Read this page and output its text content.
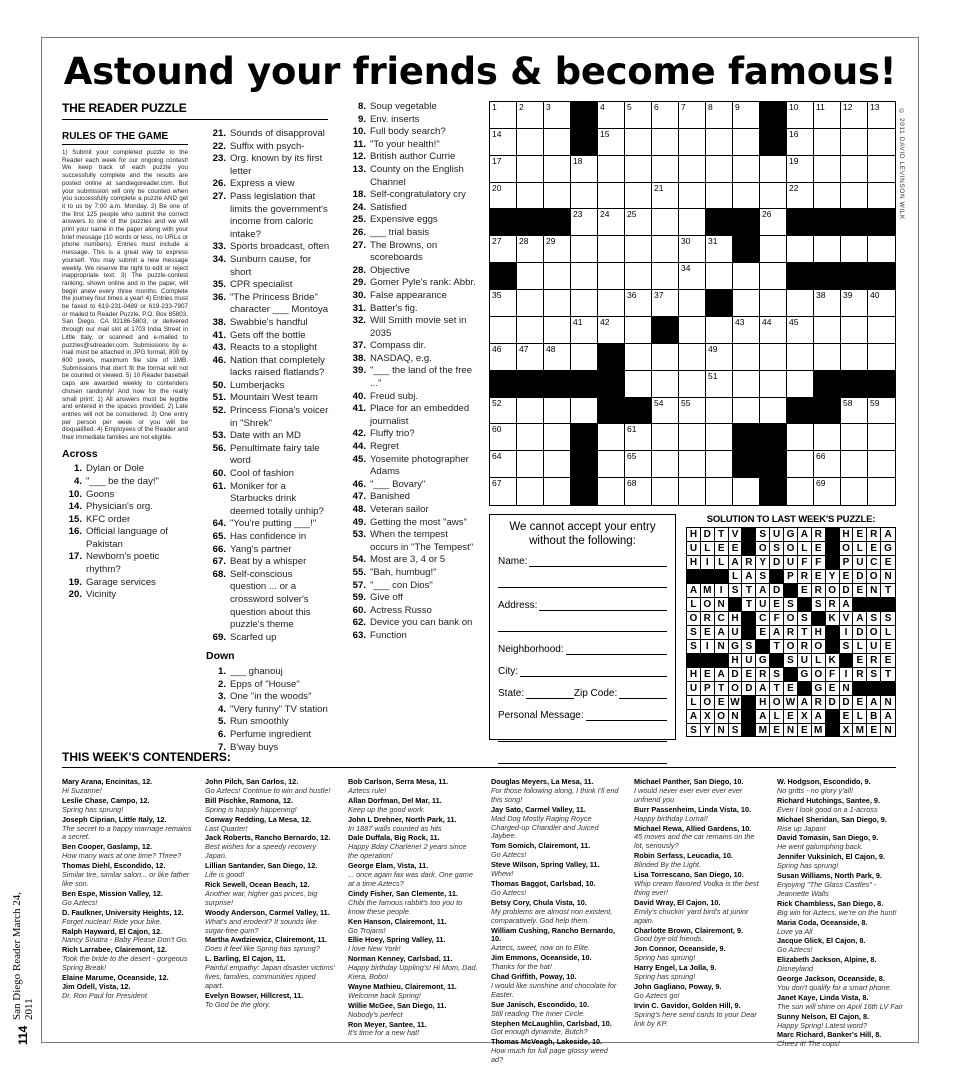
Astound your friends & become famous!
© 2011 DAVID LEVINSON WILK
114
San Diego Reader March 24, 2011
THE READER PUZZLE
RULES OF THE GAME

1) Submit your completed puzzle to the Reader each week for our ongoing contest! We keep track of each puzzle you successfully complete and the results are posted online at sandiegoreader.com. But your submission will only be counted when you successfully complete a puzzle AND get it to us by 7:00 a.m. Monday. 2) Be one of the first 125 people who submit the correct answers to one of the puzzles and we will print your name in the paper along with your brief message (10 words or less, no URLs or phone numbers). Entries must include a message. This is a great way to express yourself. You may submit a new message weekly. We reserve the right to edit or reject inappropriate text. 3) The puzzle-contest ranking, shown online and in the paper, will begin anew every three months. Complete the journey four times a year! 4) Entries must be faxed to 619-231-0489 or 619-233-7907 or mailed to Reader Puzzle, P.O. Box 85803, San Diego, CA 92186-5803, or delivered through our mail slot at 1703 India Street in Little Italy, or scanned and e-mailed to puzzles@sdreader.com. Submissions by e-mail must be attached in JPG format, 800 by 800 pixels, maximum file size of 1MB. Submissions that don't fit the format will not be counted or viewed. 5) 10 Reader baseball caps are awarded weekly to contenders chosen randomly! And now for the really small print: 1) All answers must be legible and entered in the spaces provided. 2) Late entries will not be considered. 3) One entry per person per week or you will be disqualified. 4) Employees of the Reader and their immediate families are not eligible.

Across
1. Dylan or Dole
4. "___ be the day!"
10. Goons
14. Physician's org.
15. KFC order
16. Official language of Pakistan
17. Newborn's poetic rhythm?
19. Garage services
20. Vicinity
21. Sounds of disapproval
22. Suffix with psych-
23. Org. known by its first letter
26. Express a view
27. Pass legislation that limits the government's income from caloric intake?
33. Sports broadcast, often
34. Sunburn cause, for short
35. CPR specialist
36. "The Princess Bride" character ___ Montoya
38. Swabbie's handful
41. Gets off the bottle
43. Reacts to a stoplight
46. Nation that completely lacks raised flatlands?
50. Lumberjacks
51. Mountain West team
52. Princess Fiona's voicer in "Shrek"
53. Date with an MD
56. Penultimate fairy tale word
60. Cool of fashion
61. Moniker for a Starbucks drink deemed totally unhip?
64. "You're putting ___!"
65. Has confidence in
66. Yang's partner
67. Beat by a whisper
68. Self-conscious question ... or a crossword solver's question about this puzzle's theme
69. Scarfed up
Down
1. ___ ghanouj
2. Epps of "House"
3. One "in the woods"
4. "Very funny" TV station
5. Run smoothly
6. Perfume ingredient
7. B'way buys
8. Soup vegetable
9. Env. inserts
10. Full body search?
11. "To your health!"
12. British author Currie
13. County on the English Channel
18. Self-congratulatory cry
24. Satisfied
25. Expensive eggs
26. ___ trial basis
27. The Browns, on scoreboards
28. Objective
29. Gomer Pyle's rank: Abbr.
30. False appearance
31. Batter's fig.
32. Will Smith movie set in 2035
37. Compass dir.
38. NASDAQ, e.g.
39. "___ the land of the free ..."
40. Freud subj.
41. Place for an embedded journalist
42. Fluffy trio?
44. Regret
45. Yosemite photographer Adams
46. "___ Bovary"
47. Banished
48. Veteran sailor
49. Getting the most "aws"
53. When the tempest occurs in "The Tempest"
54. Most are 3, 4 or 5
55. "Bah, humbug!"
57. "___ con Dios"
59. Give off
60. Actress Russo
62. Device you can bank on
63. Function
1	2	3	4	5	6	7	8	9	10 11 12 13
14	15	16
17	18	19
20	21	22
23 24 25	26
27 28 29	30 31 32
33	34
35	36 37	38 39 40
41 42	43 44 45
46 47 48	49
50	51
52	53 54 55	56 57 58 59
60	61	62 63
64	65	66
67	68	69
We cannot accept your entry without the following:
Name:
Address:
Neighborhood:
City:
State:	Zip Code:
Personal Message:
SOLUTION TO LAST WEEK'S PUZZLE:
H D T V	S U G A R	H E R A
U L E E	O S O L E	O L E G
H I L A R Y D U F F	P U C E
L A S	P R E Y E D O N
A M I S T A D	E R O D E N T
L O N	T U E S	S R A
O R C H	C F O S	K V A S S
S E A U	E A R T H	I D O L
S I N G S	T O R O	S L U E
H U G	S U L K	E R E
H E A D E R S	G O F I R S T
U P T O D A T E	G E N
L O E W H O W A R D D E A N
A X O N	A L E X A	E L B A
S Y N S	M E N E M	X M E N
THIS WEEK'S CONTENDERS:
Mary Arana, Encinitas, 12.
Hi Suzanne!
Leslie Chase, Campo, 12.
Spring has sprung!
Joseph Ciprian, Little Italy, 12.
The secret to a happy marriage remains a secret.
Ben Cooper, Gaslamp, 12.
How many wars at one time? Three?
Thomas Diehl, Escondido, 12.
Similar tire, similar salon... or like father like son.
Ben Espe, Mission Valley, 12.
Go Aztecs!
D. Faulkner, University Heights, 12.
Forget nuclear! Ride your bike.
Ralph Hayward, El Cajon, 12.
Nancy Sinatra - Baby Please Don't Go.
Rich Larrabee, Clairemont, 12.
Took the bride to the desert - gorgeous Spring Break!
Elaine Marume, Oceanside, 12.
Jim Odell, Vista, 12.
Dr. Ron Paul for President
John Pilch, San Carlos, 12.
Go Aztecs! Continue to win and hustle!
Bill Pischke, Ramona, 12.
Spring is happily happening!
Conway Redding, La Mesa, 12.
Last Quarter!
Jack Roberts, Rancho Bernardo, 12.
Best wishes for a speedy recovery Japan.
Lillian Santander, San Diego, 12.
Life is good!
Rick Sewell, Ocean Beach, 12.
Another war, higher gas prices, big surprise!
Woody Anderson, Carmel Valley, 11.
What's and erodent? It sounds like sugar-free gum?
Martha Awdziewicz, Clairemont, 11.
Does it feel like Spring has sprung?
L. Barling, El Cajon, 11.
Painful empathy: Japan disaster victims' lives, families, communities ripped apart.
Evelyn Bowser, Hillcrest, 11.
To God be the glory.
Bob Carlson, Serra Mesa, 11.
Aztecs rule!
Allan Dorfman, Del Mar, 11.
Keep up the good work.
John L Drehner, North Park, 11.
In 1887 walls counted as hits
Dale Duffala, Big Rock, 11.
Happy Bday Charlene! 2 years since the operation!
George Elam, Vista, 11.
... once again fax was dark. One game at a time Aztecs?
Cindy Fisher, San Clemente, 11.
Chibi the famous rabbit's too you to know these people.
Ken Hanson, Clairemont, 11.
Go Trojans!
Ellie Hoey, Spring Valley, 11.
I love New York!
Norman Kenney, Carlsbad, 11.
Happy birthday Uppling's! Hi Mom, Dad, Kiera, Bobo!
Wayne Mathieu, Clairemont, 11.
Welcome back Spring!
Willie McGee, San Diego, 11.
Nobody's perfect
Ron Meyer, Santee, 11.
It's time for a new hat!
Douglas Meyers, La Mesa, 11.
For those following along, I think I'll end this song!
Jay Sato, Carmel Valley, 11.
Mad Dog Mostly Raging Royce Charged-up Chandler and Juiced Jaybee.
Tom Somich, Clairemont, 11.
Go Aztecs!
Steve Wilson, Spring Valley, 11.
Whew!
Thomas Baggot, Carlsbad, 10.
Go Aztecs!
Betsy Cory, Chula Vista, 10.
My problems are almost non existent, comparatively. God help them.
William Cushing, Rancho Bernardo, 10.
Aztecs, sweet, now on to Elite.
Jim Emmons, Oceanside, 10.
Thanks for the hat!
Chad Griffith, Poway, 10.
I would like sunshine and chocolate for Easter.
Sue Janisch, Escondido, 10.
Still reading The Inner Circle.
Stephen McLaughlin, Carlsbad, 10.
Got enough dynamite, Butch?
Thomas McVeagh, Lakeside, 10.
How much for full page glossy weed ad?
Michael Panther, San Diego, 10.
I would never ever ever ever ever unfriend you
Burr Passenheim, Linda Vista, 10.
Happy birthday Lorna!!
Michael Rewa, Allied Gardens, 10.
45 moves and the car remains on the lot, seriously?
Robin Serfass, Leucadia, 10.
Blinded By the Light.
Lisa Torrescano, San Diego, 10.
Whip cream flavored Vodka is the best thing ever!
David Wray, El Cajon, 10.
Emily's chuckin' yard bird's at junior again.
Charlotte Brown, Clairemont, 9.
Good bye old friends.
Jon Connor, Oceanside, 9.
Spring has sprung!
Harry Engel, La Jolla, 9.
Spring has sprung!
John Gagliano, Poway, 9.
Go Aztecs go!
Irvin C. Gavidor, Golden Hill, 9.
Spring's here send cards to your Dear link by KP.
W. Hodgson, Escondido, 9.
No gritts - no glory y'all!
Richard Hutchings, Santee, 9.
Even I look good on a 1-across
Michael Sheridan, San Diego, 9.
Rise up Japan!
David Tomasin, San Diego, 9.
He went galumphing back.
Jennifer Vuksinich, El Cajon, 9.
Spring has sprung!
Susan Williams, North Park, 9.
Enjoying "The Glass Castles" - Jeannette Walls
Rick Chambless, San Diego, 8.
Big win for Aztecs, we're on the hunt!
Maria Coda, Oceanside, 8.
Love ya All
Jacque Glick, El Cajon, 8.
Go Aztecs!
Elizabeth Jackson, Alpine, 8.
Disneyland
George Jackson, Oceanside, 8.
You don't qualify for a smart phone.
Janet Kaye, Linda Vista, 8.
The sun will shine on April 16th LV Fair
Sunny Nelson, El Cajon, 8.
Happy Spring! Latest word?
Marc Richard, Banker's Hill, 8.
Cheez it! The cops!
